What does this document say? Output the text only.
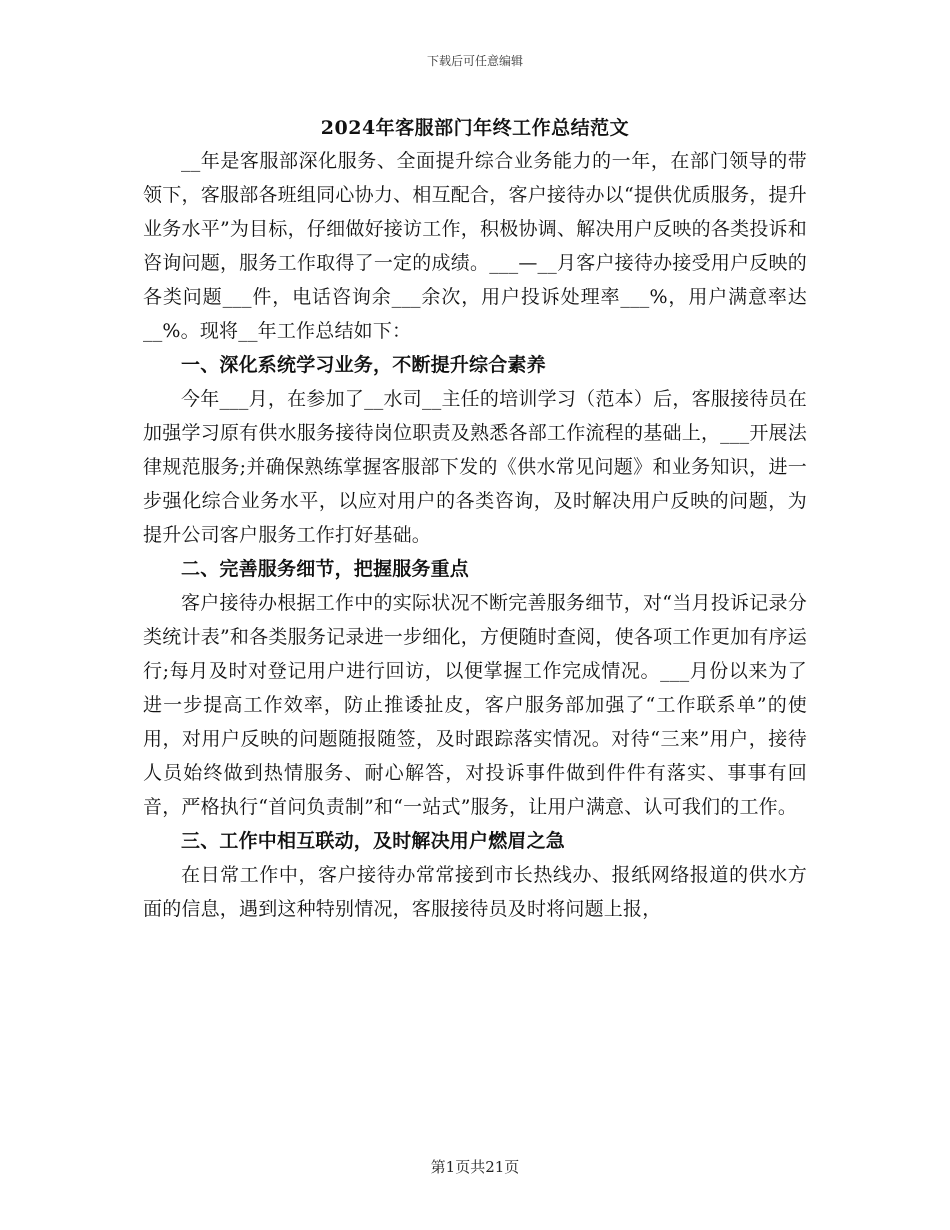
下载后可任意编辑
2024年客服部门年终工作总结范文

__年是客服部深化服务、全面提升综合业务能力的一年，在部门领导的带领下，客服部各班组同心协力、相互配合，客户接待办以“提供优质服务，提升业务水平”为目标，仔细做好接访工作，积极协调、解决用户反映的各类投诉和咨询问题，服务工作取得了一定的成绩。___—__月客户接待办接受用户反映的各类问题___件，电话咨询余___余次，用户投诉处理率___%，用户满意率达__%。现将__年工作总结如下：

一、深化系统学习业务，不断提升综合素养

今年___月，在参加了__水司__主任的培训学习（范本）后，客服接待员在加强学习原有供水服务接待岗位职责及熟悉各部工作流程的基础上，___开展法律规范服务;并确保熟练掌握客服部下发的《供水常见问题》和业务知识，进一步强化综合业务水平，以应对用户的各类咨询，及时解决用户反映的问题，为提升公司客户服务工作打好基础。

二、完善服务细节，把握服务重点

客户接待办根据工作中的实际状况不断完善服务细节，对“当月投诉记录分类统计表”和各类服务记录进一步细化，方便随时查阅，使各项工作更加有序运行;每月及时对登记用户进行回访，以便掌握工作完成情况。___月份以来为了进一步提高工作效率，防止推诿扯皮，客户服务部加强了“工作联系单”的使用，对用户反映的问题随报随签，及时跟踪落实情况。对待“三来”用户，接待人员始终做到热情服务、耐心解答，对投诉事件做到件件有落实、事事有回音，严格执行“首问负责制”和“一站式”服务，让用户满意、认可我们的工作。

三、工作中相互联动，及时解决用户燃眉之急

在日常工作中，客户接待办常常接到市长热线办、报纸网络报道的供水方面的信息，遇到这种特别情况，客服接待员及时将问题上报，

第1页共21页
